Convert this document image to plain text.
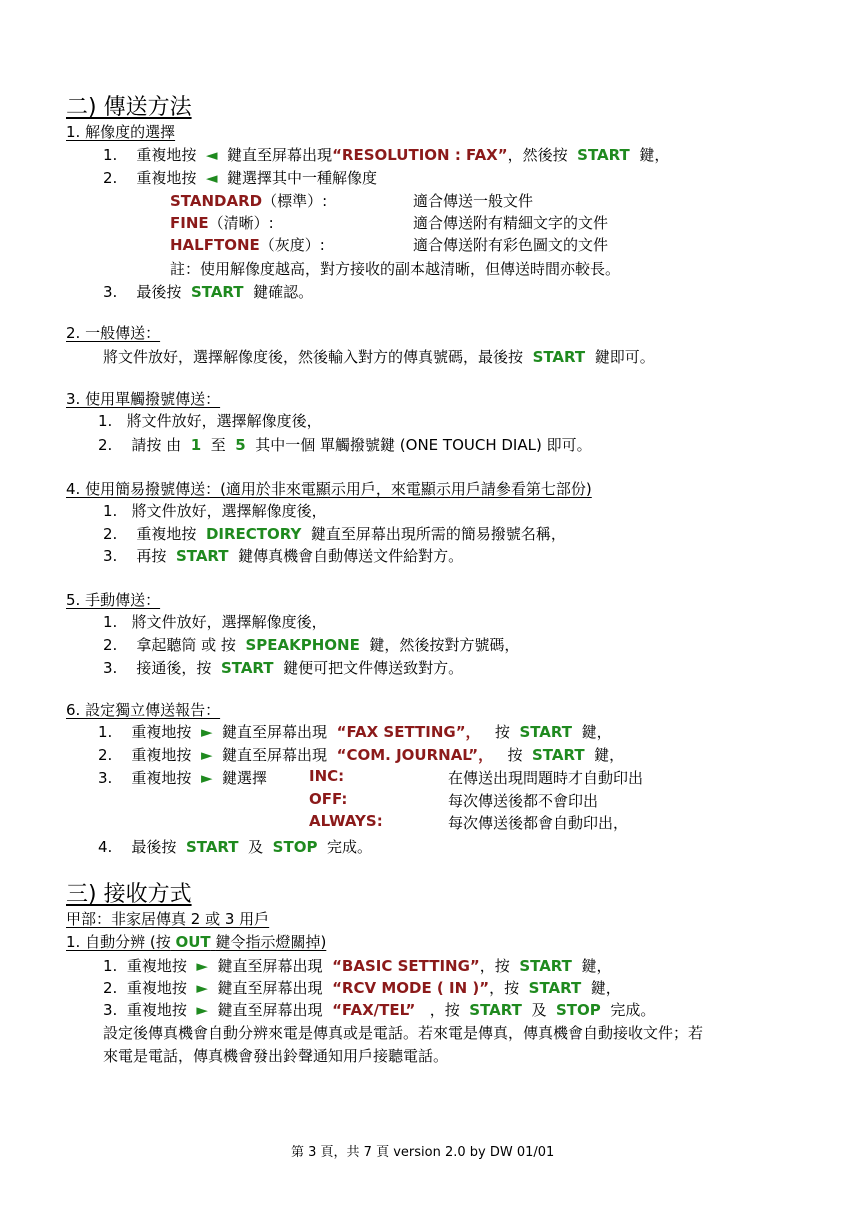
二) 傳送方法
1. 解像度的選擇
1. 重複地按 ◄ 鍵直至屏幕出現“RESOLUTION : FAX”，然後按 START 鍵，
2. 重複地按 ◄ 鍵選擇其中一種解像度
STANDARD（標準）:	適合傳送一般文件
FINE（清晰）:	適合傳送附有精細文字的文件
HALFTONE（灰度）:	適合傳送附有彩色圖文的文件
註：使用解像度越高，對方接收的副本越清晰，但傳送時間亦較長。
3. 最後按 START 鍵確認。
2. 一般傳送：
將文件放好，選擇解像度後，然後輸入對方的傳真號碼，最後按 START 鍵即可。
3. 使用單觸撥號傳送：
1. 將文件放好，選擇解像度後，
2. 請按 由 1 至 5 其中一個 單觸撥號鍵 (ONE TOUCH DIAL) 即可。
4. 使用簡易撥號傳送：(適用於非來電顯示用戶，來電顯示用戶請參看第七部份)
1. 將文件放好，選擇解像度後，
2. 重複地按 DIRECTORY 鍵直至屏幕出現所需的簡易撥號名稱，
3. 再按 START 鍵傳真機會自動傳送文件給對方。
5. 手動傳送：
1. 將文件放好，選擇解像度後，
2. 拿起聽筒 或 按 SPEAKPHONE 鍵，然後按對方號碼，
3. 接通後，按 START 鍵便可把文件傳送致對方。
6. 設定獨立傳送報告：
1. 重複地按 ► 鍵直至屏幕出現 “FAX SETTING”， 按 START 鍵，
2. 重複地按 ► 鍵直至屏幕出現 “COM. JOURNAL”， 按 START 鍵，
3. 重複地按 ► 鍵選擇	INC:	在傳送出現問題時才自動印出
OFF:	每次傳送後都不會印出
ALWAYS:	每次傳送後都會自動印出，
4. 最後按 START 及 STOP 完成。
三) 接收方式
甲部：非家居傳真 2 或 3 用戶
1. 自動分辨 (按 OUT 鍵令指示燈關掉)
1. 重複地按 ► 鍵直至屏幕出現 “BASIC SETTING”，按 START 鍵，
2. 重複地按 ► 鍵直至屏幕出現 “RCV MODE ( IN )”，按 START 鍵，
3. 重複地按 ► 鍵直至屏幕出現 “FAX/TEL” ，按 START 及 STOP 完成。
設定後傳真機會自動分辨來電是傳真或是電話。若來電是傳真，傳真機會自動接收文件；若
來電是電話，傳真機會發出鈴聲通知用戶接聽電話。
第 3 頁，共 7 頁 version 2.0 by DW 01/01
